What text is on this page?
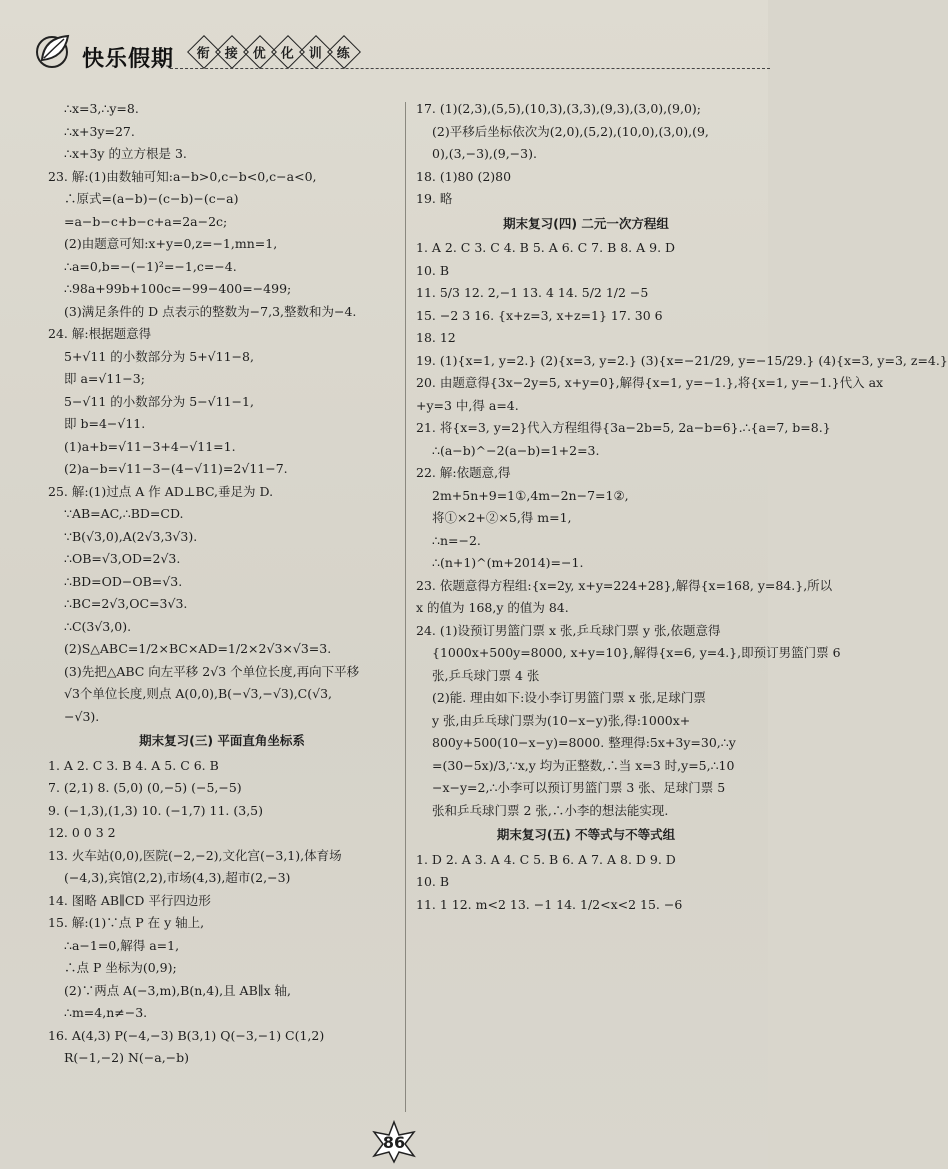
快乐假期 衔 接 优 化 训 练
∴x=3,∴y=8.
∴x+3y=27.
∴x+3y 的立方根是 3.
23. 解:(1)由数轴可知:a−b>0,c−b<0,c−a<0,
∴原式=(a−b)−(c−b)−(c−a)
=a−b−c+b−c+a=2a−2c;
(2)由题意可知:x+y=0,z=−1,mn=1,
∴a=0,b=−(−1)²=−1,c=−4.
∴98a+99b+100c=−99−400=−499;
(3)满足条件的 D 点表示的整数为−7,3,整数和为−4.
24. 解:根据题意得
5+√11 的小数部分为 5+√11−8,
即 a=√11−3;
5−√11 的小数部分为 5−√11−1,
即 b=4−√11.
(1)a+b=√11−3+4−√11=1.
(2)a−b=√11−3−(4−√11)=2√11−7.
25. 解:(1)过点 A 作 AD⊥BC,垂足为 D.
∵AB=AC,∴BD=CD.
∵B(√3,0),A(2√3,3√3).
∴OB=√3,OD=2√3.
∴BD=OD−OB=√3.
∴BC=2√3,OC=3√3.
∴C(3√3,0).
(2)S△ABC=1/2×BC×AD=1/2×2√3×√3=3.
(3)先把△ABC 向左平移 2√3 个单位长度,再向下平移
√3个单位长度,则点 A(0,0),B(−√3,−√3),C(√3,
−√3).
期末复习(三) 平面直角坐标系
1. A 2. C 3. B 4. A 5. C 6. B
7. (2,1) 8. (5,0) (0,−5) (−5,−5)
9. (−1,3),(1,3) 10. (−1,7) 11. (3,5)
12. 0 0 3 2
13. 火车站(0,0),医院(−2,−2),文化宫(−3,1),体育场
(−4,3),宾馆(2,2),市场(4,3),超市(2,−3)
14. 图略 AB∥CD 平行四边形
15. 解:(1)∵点 P 在 y 轴上,
∴a−1=0,解得 a=1,
∴点 P 坐标为(0,9);
(2)∵两点 A(−3,m),B(n,4),且 AB∥x 轴,
∴m=4,n≠−3.
16. A(4,3) P(−4,−3) B(3,1) Q(−3,−1) C(1,2)
R(−1,−2) N(−a,−b)
17. (1)(2,3),(5,5),(10,3),(3,3),(9,3),(3,0),(9,0);
(2)平移后坐标依次为(2,0),(5,2),(10,0),(3,0),(9,
0),(3,−3),(9,−3).
18. (1)80 (2)80
19. 略
期末复习(四) 二元一次方程组
1. A 2. C 3. C 4. B 5. A 6. C 7. B 8. A 9. D
10. B
11. 5/3 12. 2,−1 13. 4 14. 5/2 1/2 −5
15. −2 3 16. {x+z=3, x+z=1} 17. 30 6
18. 12
19. (1){x=1, y=2.} (2){x=3, y=2.} (3){x=−21/29, y=−15/29.} (4){x=3, y=3, z=4.}
20. 由题意得{3x−2y=5, x+y=0},解得{x=1, y=−1.},将{x=1, y=−1.}代入 ax
+y=3 中,得 a=4.
21. 将{x=3, y=2}代入方程组得{3a−2b=5, 2a−b=6}.∴{a=7, b=8.}
∴(a−b)^−2(a−b)=1+2=3.
22. 解:依题意,得
2m+5n+9=1①,4m−2n−7=1②,
将①×2+②×5,得 m=1,
∴n=−2.
∴(n+1)^(m+2014)=−1.
23. 依题意得方程组:{x=2y, x+y=224+28},解得{x=168, y=84.},所以
x 的值为 168,y 的值为 84.
24. (1)设预订男篮门票 x 张,乒乓球门票 y 张,依题意得
{1000x+500y=8000, x+y=10},解得{x=6, y=4.},即预订男篮门票 6
张,乒乓球门票 4 张
(2)能. 理由如下:设小李订男篮门票 x 张,足球门票
y 张,由乒乓球门票为(10−x−y)张,得:1000x+
800y+500(10−x−y)=8000. 整理得:5x+3y=30,∴y
=(30−5x)/3,∵x,y 均为正整数,∴当 x=3 时,y=5,∴10
−x−y=2,∴小李可以预订男篮门票 3 张、足球门票 5
张和乒乓球门票 2 张,∴小李的想法能实现.
期末复习(五) 不等式与不等式组
1. D 2. A 3. A 4. C 5. B 6. A 7. A 8. D 9. D
10. B
11. 1 12. m<2 13. −1 14. 1/2<x<2 15. −6
86
